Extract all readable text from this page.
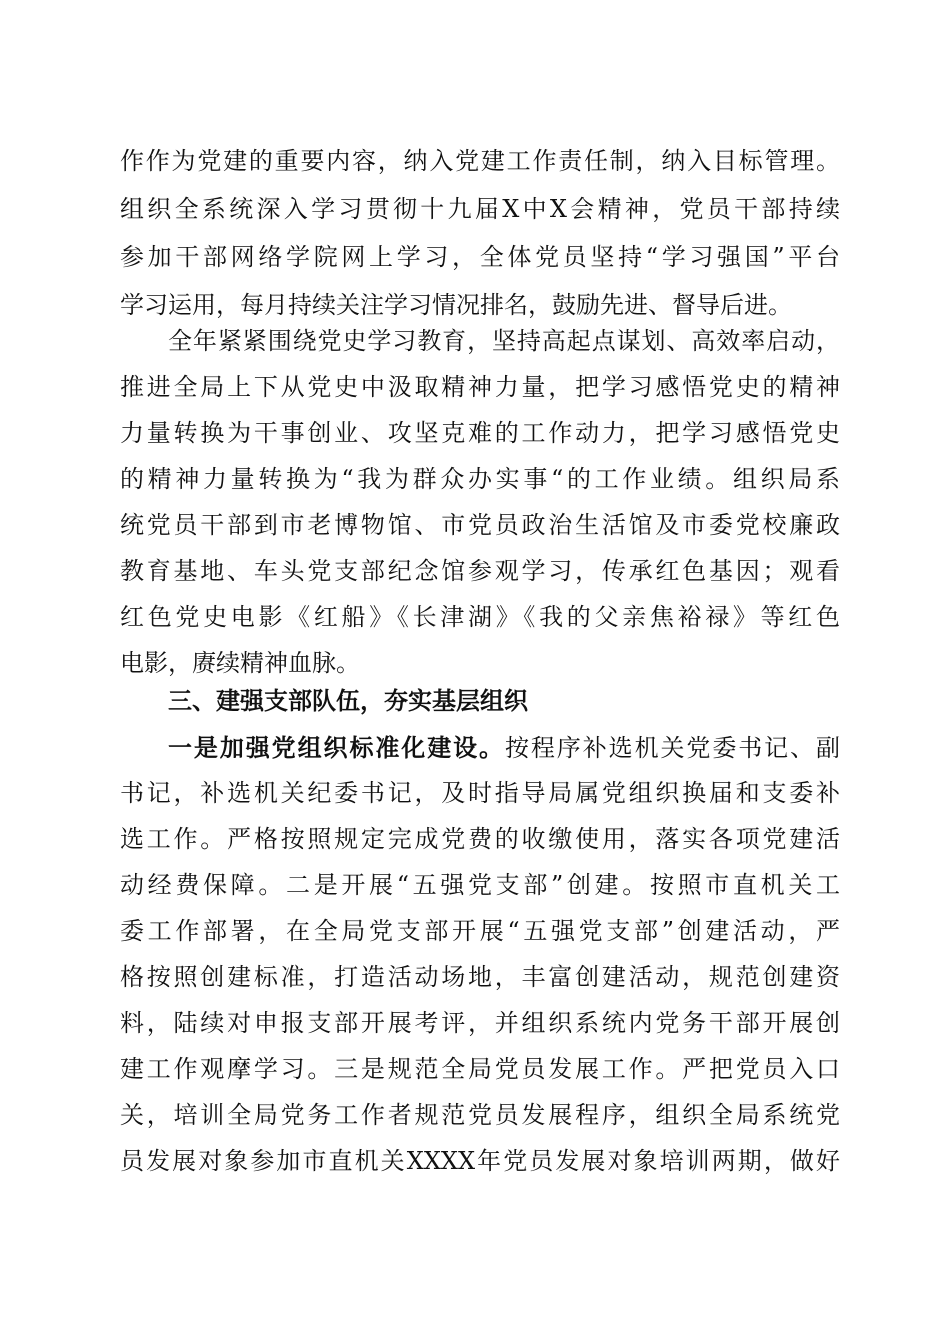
作作为党建的重要内容，纳入党建工作责任制，纳入目标管理。
组织全系统深入学习贯彻十九届X中X会精神，党员干部持续
参加干部网络学院网上学习，全体党员坚持“学习强国”平台
学习运用，每月持续关注学习情况排名，鼓励先进、督导后进。
全年紧紧围绕党史学习教育，坚持高起点谋划、高效率启动，
推进全局上下从党史中汲取精神力量，把学习感悟党史的精神
力量转换为干事创业、攻坚克难的工作动力，把学习感悟党史
的精神力量转换为“我为群众办实事“的工作业绩。组织局系
统党员干部到市老博物馆、市党员政治生活馆及市委党校廉政
教育基地、车头党支部纪念馆参观学习，传承红色基因；观看
红色党史电影《红船》《长津湖》《我的父亲焦裕禄》等红色
电影，赓续精神血脉。
三、建强支部队伍，夯实基层组织
一是加强党组织标准化建设。按程序补选机关党委书记、副
书记，补选机关纪委书记，及时指导局属党组织换届和支委补
选工作。严格按照规定完成党费的收缴使用，落实各项党建活
动经费保障。二是开展“五强党支部”创建。按照市直机关工
委工作部署，在全局党支部开展“五强党支部”创建活动，严
格按照创建标准，打造活动场地，丰富创建活动，规范创建资
料，陆续对申报支部开展考评，并组织系统内党务干部开展创
建工作观摩学习。三是规范全局党员发展工作。严把党员入口
关，培训全局党务工作者规范党员发展程序，组织全局系统党
员发展对象参加市直机关XXXX年党员发展对象培训两期，做好
